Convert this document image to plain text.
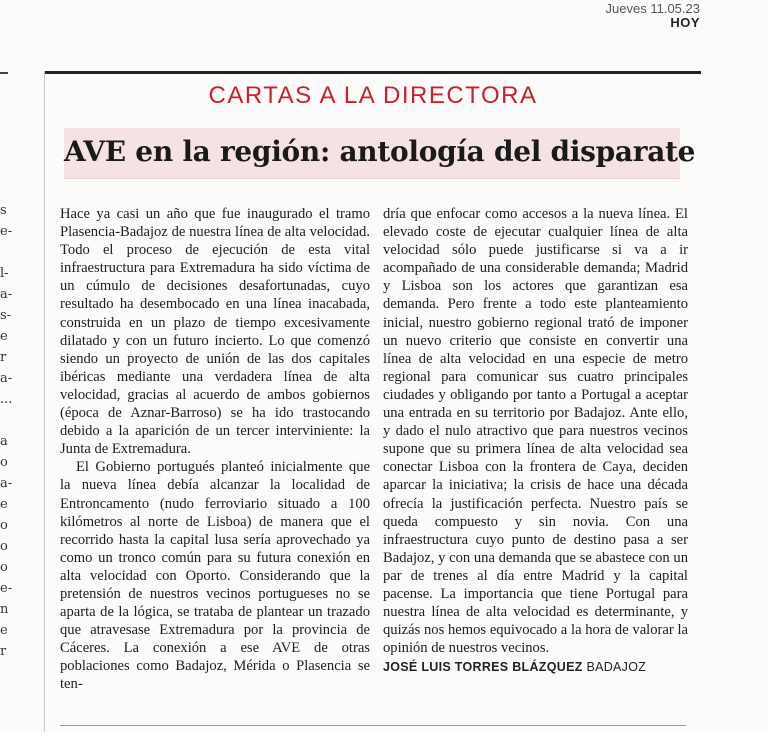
Jueves 11.05.23
HOY
s
e-

l-
a-
s-
e
r
a-
...

a
o
a-
e
o
o
o
e-
n
e
r
CARTAS A LA DIRECTORA
AVE en la región: antología del disparate

Hace ya casi un año que fue inaugurado el tramo Plasencia-Badajoz de nuestra línea de alta velocidad. Todo el proceso de ejecución de esta vital infraestructura para Extremadura ha sido víctima de un cúmulo de decisiones desafortunadas, cuyo resultado ha desembocado en una línea inacabada, construida en un plazo de tiempo excesivamente dilatado y con un futuro incierto. Lo que comenzó siendo un proyecto de unión de las dos capitales ibéricas mediante una verdadera línea de alta velocidad, gracias al acuerdo de ambos gobiernos (época de Aznar-Barroso) se ha ido trastocando debido a la aparición de un tercer interviniente: la Junta de Extremadura.

El Gobierno portugués planteó inicialmente que la nueva línea debía alcanzar la localidad de Entroncamento (nudo ferroviario situado a 100 kilómetros al norte de Lisboa) de manera que el recorrido hasta la capital lusa sería aprovechado ya como un tronco común para su futura conexión en alta velocidad con Oporto. Considerando que la pretensión de nuestros vecinos portugueses no se aparta de la lógica, se trataba de plantear un trazado que atravesase Extremadura por la provincia de Cáceres. La conexión a ese AVE de otras poblaciones como Badajoz, Mérida o Plasencia se ten-

dría que enfocar como accesos a la nueva línea. El elevado coste de ejecutar cualquier línea de alta velocidad sólo puede justificarse si va a ir acompañado de una considerable demanda; Madrid y Lisboa son los actores que garantizan esa demanda. Pero frente a todo este planteamiento inicial, nuestro gobierno regional trató de imponer un nuevo criterio que consiste en convertir una línea de alta velocidad en una especie de metro regional para comunicar sus cuatro principales ciudades y obligando por tanto a Portugal a aceptar una entrada en su territorio por Badajoz. Ante ello, y dado el nulo atractivo que para nuestros vecinos supone que su primera línea de alta velocidad sea conectar Lisboa con la frontera de Caya, deciden aparcar la iniciativa; la crisis de hace una década ofrecía la justificación perfecta. Nuestro país se queda compuesto y sin novia. Con una infraestructura cuyo punto de destino pasa a ser Badajoz, y con una demanda que se abastece con un par de trenes al día entre Madrid y la capital pacense. La importancia que tiene Portugal para nuestra línea de alta velocidad es determinante, y quizás nos hemos equivocado a la hora de valorar la opinión de nuestros vecinos.

JOSÉ LUIS TORRES BLÁZQUEZ BADAJOZ
